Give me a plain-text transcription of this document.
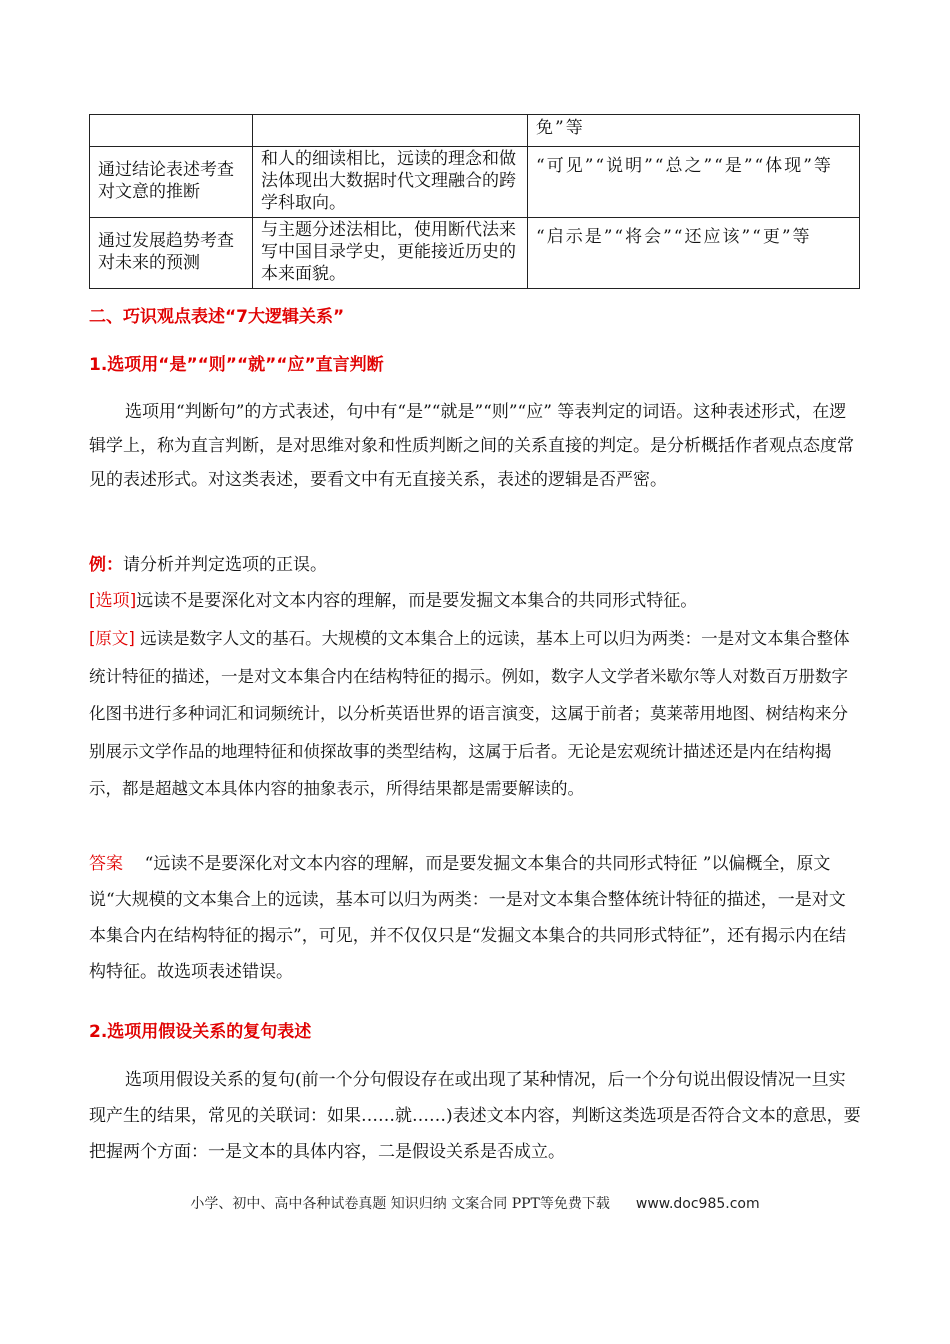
		免”等
通过结论表述考查对文意的推断	和人的细读相比，远读的理念和做法体现出大数据时代文理融合的跨学科取向。	“可见”“说明”“总之”“是”“体现”等
通过发展趋势考查对未来的预测	与主题分述法相比，使用断代法来写中国目录学史，更能接近历史的本来面貌。	“启示是”“将会”“还应该”“更”等
二、巧识观点表述“7大逻辑关系”
1.选项用“是”“则”“就”“应”直言判断

选项用“判断句”的方式表述，句中有“是”“就是”“则”“应” 等表判定的词语。这种表述形式，在逻辑学上，称为直言判断，是对思维对象和性质判断之间的关系直接的判定。是分析概括作者观点态度常见的表述形式。对这类表述，要看文中有无直接关系，表述的逻辑是否严密。

例：请分析并判定选项的正误。

[选项]远读不是要深化对文本内容的理解，而是要发掘文本集合的共同形式特征。

[原文] 远读是数字人文的基石。大规模的文本集合上的远读，基本上可以归为两类：一是对文本集合整体统计特征的描述，一是对文本集合内在结构特征的揭示。例如，数字人文学者米歇尔等人对数百万册数字化图书进行多种词汇和词频统计，以分析英语世界的语言演变，这属于前者；莫莱蒂用地图、树结构来分别展示文学作品的地理特征和侦探故事的类型结构，这属于后者。无论是宏观统计描述还是内在结构揭示，都是超越文本具体内容的抽象表示，所得结果都是需要解读的。

答案 “远读不是要深化对文本内容的理解，而是要发掘文本集合的共同形式特征 ”以偏概全，原文说“大规模的文本集合上的远读，基本可以归为两类：一是对文本集合整体统计特征的描述，一是对文本集合内在结构特征的揭示”，可见，并不仅仅只是“发掘文本集合的共同形式特征”，还有揭示内在结构特征。故选项表述错误。

2.选项用假设关系的复句表述

选项用假设关系的复句(前一个分句假设存在或出现了某种情况，后一个分句说出假设情况一旦实现产生的结果，常见的关联词：如果……就……)表述文本内容，判断这类选项是否符合文本的意思，要把握两个方面：一是文本的具体内容，二是假设关系是否成立。

小学、初中、高中各种试卷真题 知识归纳 文案合同 PPT等免费下载 www.doc985.com
